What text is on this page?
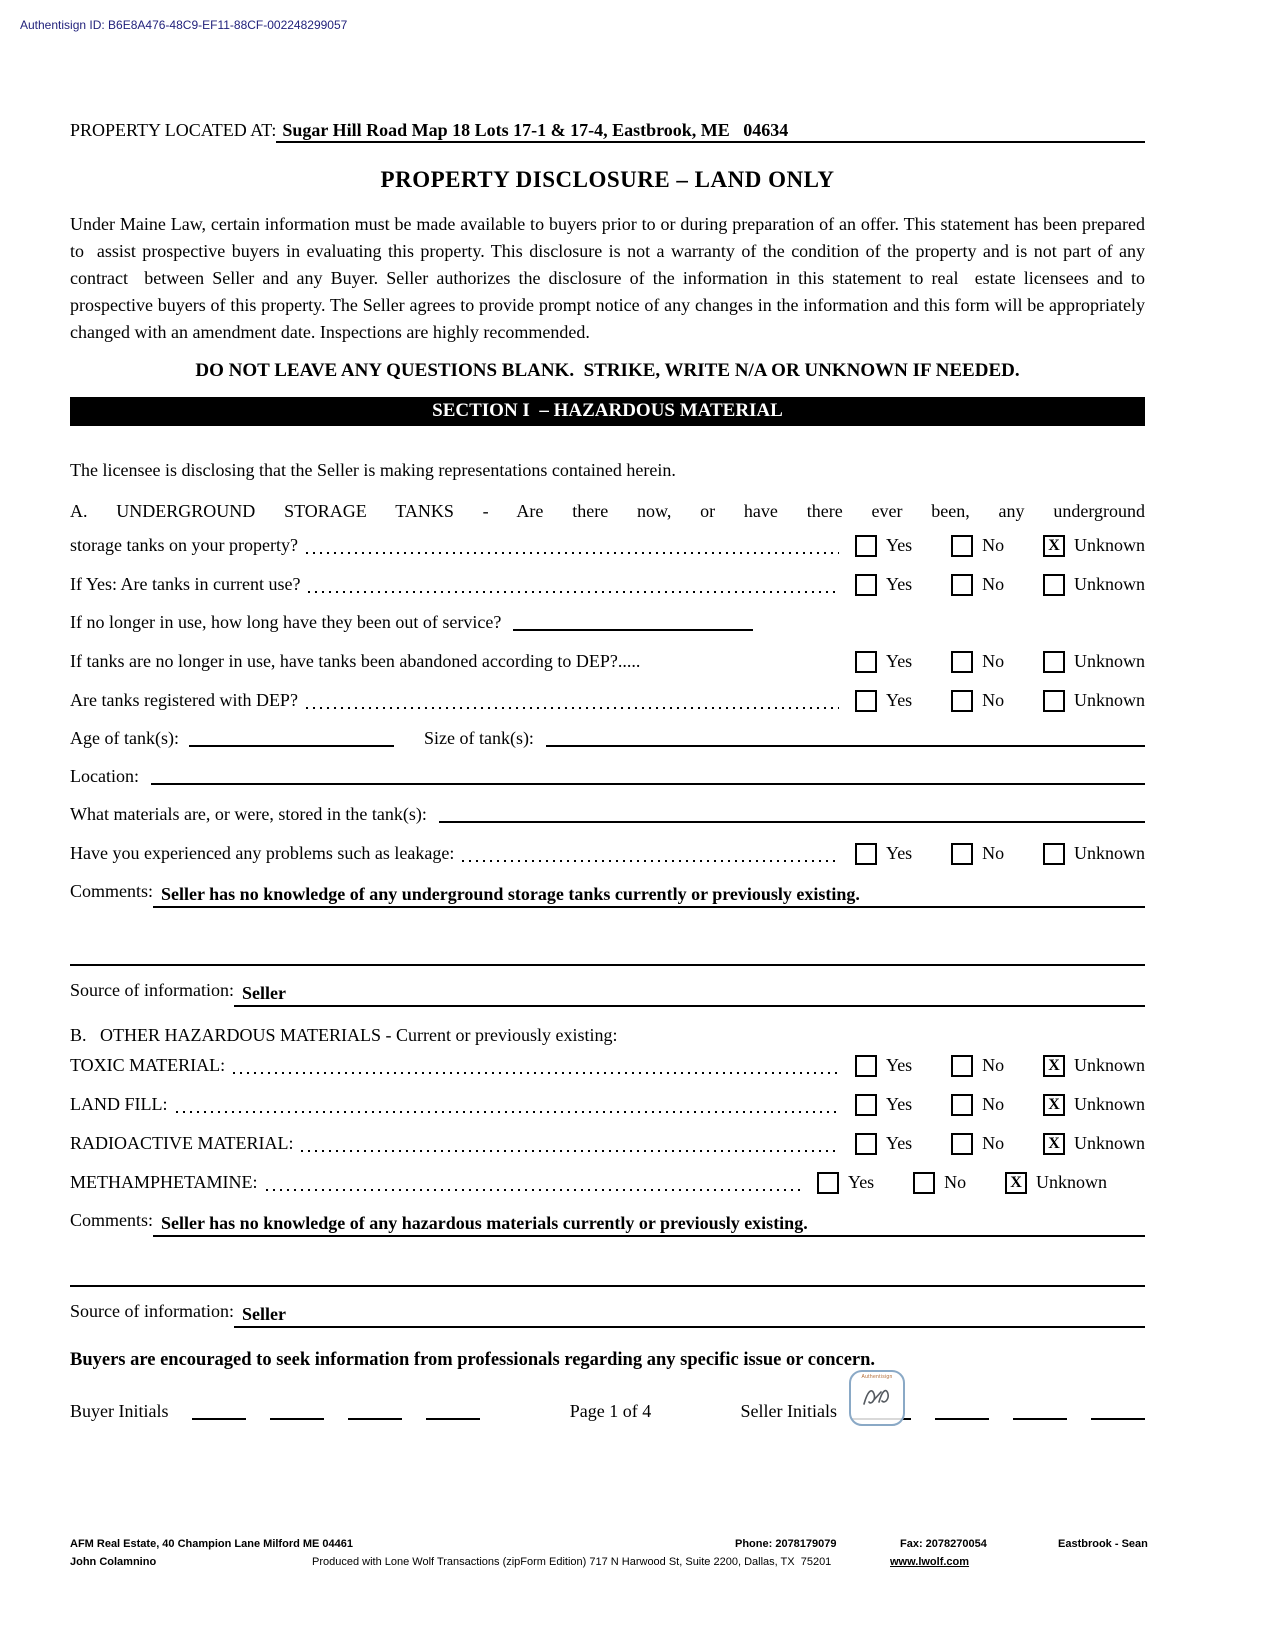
Authentisign ID: B6E8A476-48C9-EF11-88CF-002248299057
PROPERTY LOCATED AT: Sugar Hill Road Map 18 Lots 17-1 & 17-4, Eastbrook, ME   04634
PROPERTY DISCLOSURE – LAND ONLY
Under Maine Law, certain information must be made available to buyers prior to or during preparation of an offer. This statement has been prepared to  assist prospective buyers in evaluating this property. This disclosure is not a warranty of the condition of the property and is not part of any contract  between Seller and any Buyer. Seller authorizes the disclosure of the information in this statement to real  estate licensees and to prospective buyers of this property. The Seller agrees to provide prompt notice of any changes in the information and this form will be appropriately changed with an amendment date. Inspections are highly recommended.
DO NOT LEAVE ANY QUESTIONS BLANK.  STRIKE, WRITE N/A OR UNKNOWN IF NEEDED.
SECTION I  – HAZARDOUS MATERIAL
The licensee is disclosing that the Seller is making representations contained herein.
A. UNDERGROUND STORAGE TANKS - Are there now, or have there ever been, any underground
storage tanks on your property?	Yes	No	X Unknown
If Yes: Are tanks in current use?	Yes	No	Unknown
If no longer in use, how long have they been out of service?
If tanks are no longer in use, have tanks been abandoned according to DEP?.....	Yes	No	Unknown
Are tanks registered with DEP?	Yes	No	Unknown
Age of tank(s):	Size of tank(s):
Location:
What materials are, or were, stored in the tank(s):
Have you experienced any problems such as leakage:	Yes	No	Unknown
Comments: Seller has no knowledge of any underground storage tanks currently or previously existing.
Source of information: Seller
B.   OTHER HAZARDOUS MATERIALS - Current or previously existing:
TOXIC MATERIAL:	Yes	No	X Unknown
LAND FILL:	Yes	No	X Unknown
RADIOACTIVE MATERIAL:	Yes	No	X Unknown
METHAMPHETAMINE:	Yes	No	X Unknown
Comments: Seller has no knowledge of any hazardous materials currently or previously existing.
Source of information: Seller
Buyers are encouraged to seek information from professionals regarding any specific issue or concern.
Buyer Initials	Page 1 of 4	Seller Initials
Authentisign
AFM Real Estate, 40 Champion Lane Milford ME 04461	Phone: 2078179079	Fax: 2078270054	Eastbrook - Sean
John Colamnino	Produced with Lone Wolf Transactions (zipForm Edition) 717 N Harwood St, Suite 2200, Dallas, TX  75201	www.lwolf.com
